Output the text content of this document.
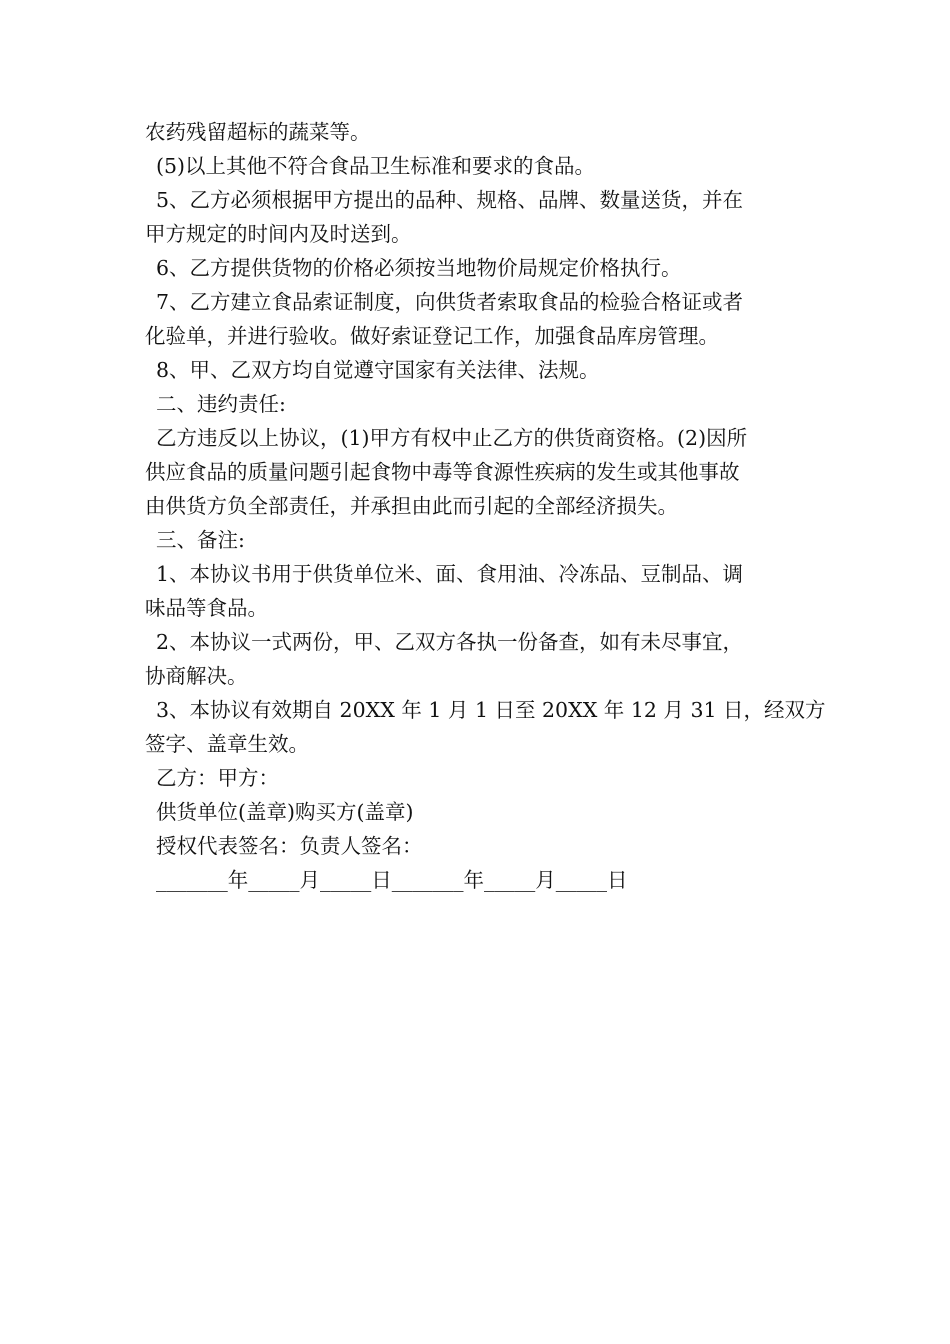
农药残留超标的蔬菜等。
(5)以上其他不符合食品卫生标准和要求的食品。
5、乙方必须根据甲方提出的品种、规格、品牌、数量送货，并在
甲方规定的时间内及时送到。
6、乙方提供货物的价格必须按当地物价局规定价格执行。
7、乙方建立食品索证制度，向供货者索取食品的检验合格证或者
化验单，并进行验收。做好索证登记工作，加强食品库房管理。
8、甲、乙双方均自觉遵守国家有关法律、法规。
二、违约责任:
乙方违反以上协议，(1)甲方有权中止乙方的供货商资格。(2)因所
供应食品的质量问题引起食物中毒等食源性疾病的发生或其他事故
由供货方负全部责任，并承担由此而引起的全部经济损失。
三、备注:
1、本协议书用于供货单位米、面、食用油、冷冻品、豆制品、调
味品等食品。
2、本协议一式两份，甲、乙双方各执一份备查，如有未尽事宜，
协商解决。
3、本协议有效期自 20XX 年 1 月 1 日至 20XX 年 12 月 31 日，经双方
签字、盖章生效。
乙方：甲方：
供货单位(盖章)购买方(盖章)
授权代表签名：负责人签名：
_______年_____月_____日_______年_____月_____日
